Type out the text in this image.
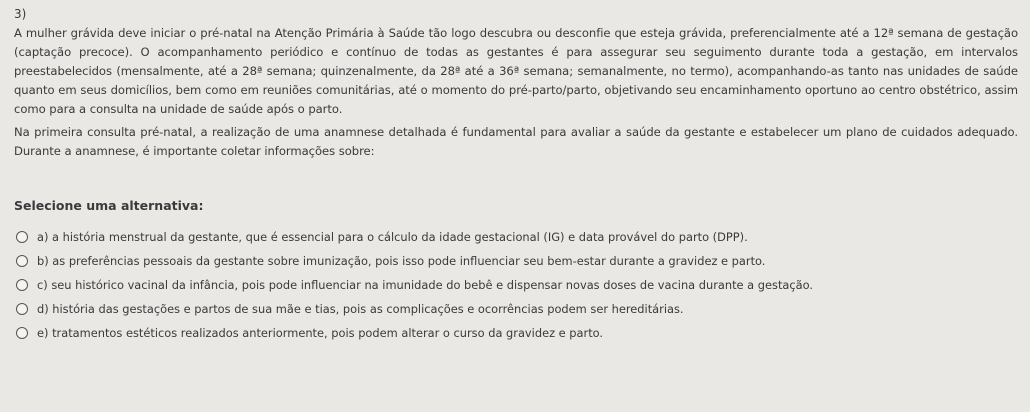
3)

A mulher grávida deve iniciar o pré-natal na Atenção Primária à Saúde tão logo descubra ou desconfie que esteja grávida, preferencialmente até a 12ª semana de gestação (captação precoce). O acompanhamento periódico e contínuo de todas as gestantes é para assegurar seu seguimento durante toda a gestação, em intervalos preestabelecidos (mensalmente, até a 28ª semana; quinzenalmente, da 28ª até a 36ª semana; semanalmente, no termo), acompanhando-as tanto nas unidades de saúde quanto em seus domicílios, bem como em reuniões comunitárias, até o momento do pré-parto/parto, objetivando seu encaminhamento oportuno ao centro obstétrico, assim como para a consulta na unidade de saúde após o parto.

Na primeira consulta pré-natal, a realização de uma anamnese detalhada é fundamental para avaliar a saúde da gestante e estabelecer um plano de cuidados adequado. Durante a anamnese, é importante coletar informações sobre:

Selecione uma alternativa:
a) a história menstrual da gestante, que é essencial para o cálculo da idade gestacional (IG) e data provável do parto (DPP).
b) as preferências pessoais da gestante sobre imunização, pois isso pode influenciar seu bem-estar durante a gravidez e parto.
c) seu histórico vacinal da infância, pois pode influenciar na imunidade do bebê e dispensar novas doses de vacina durante a gestação.
d) história das gestações e partos de sua mãe e tias, pois as complicações e ocorrências podem ser hereditárias.
e) tratamentos estéticos realizados anteriormente, pois podem alterar o curso da gravidez e parto.
